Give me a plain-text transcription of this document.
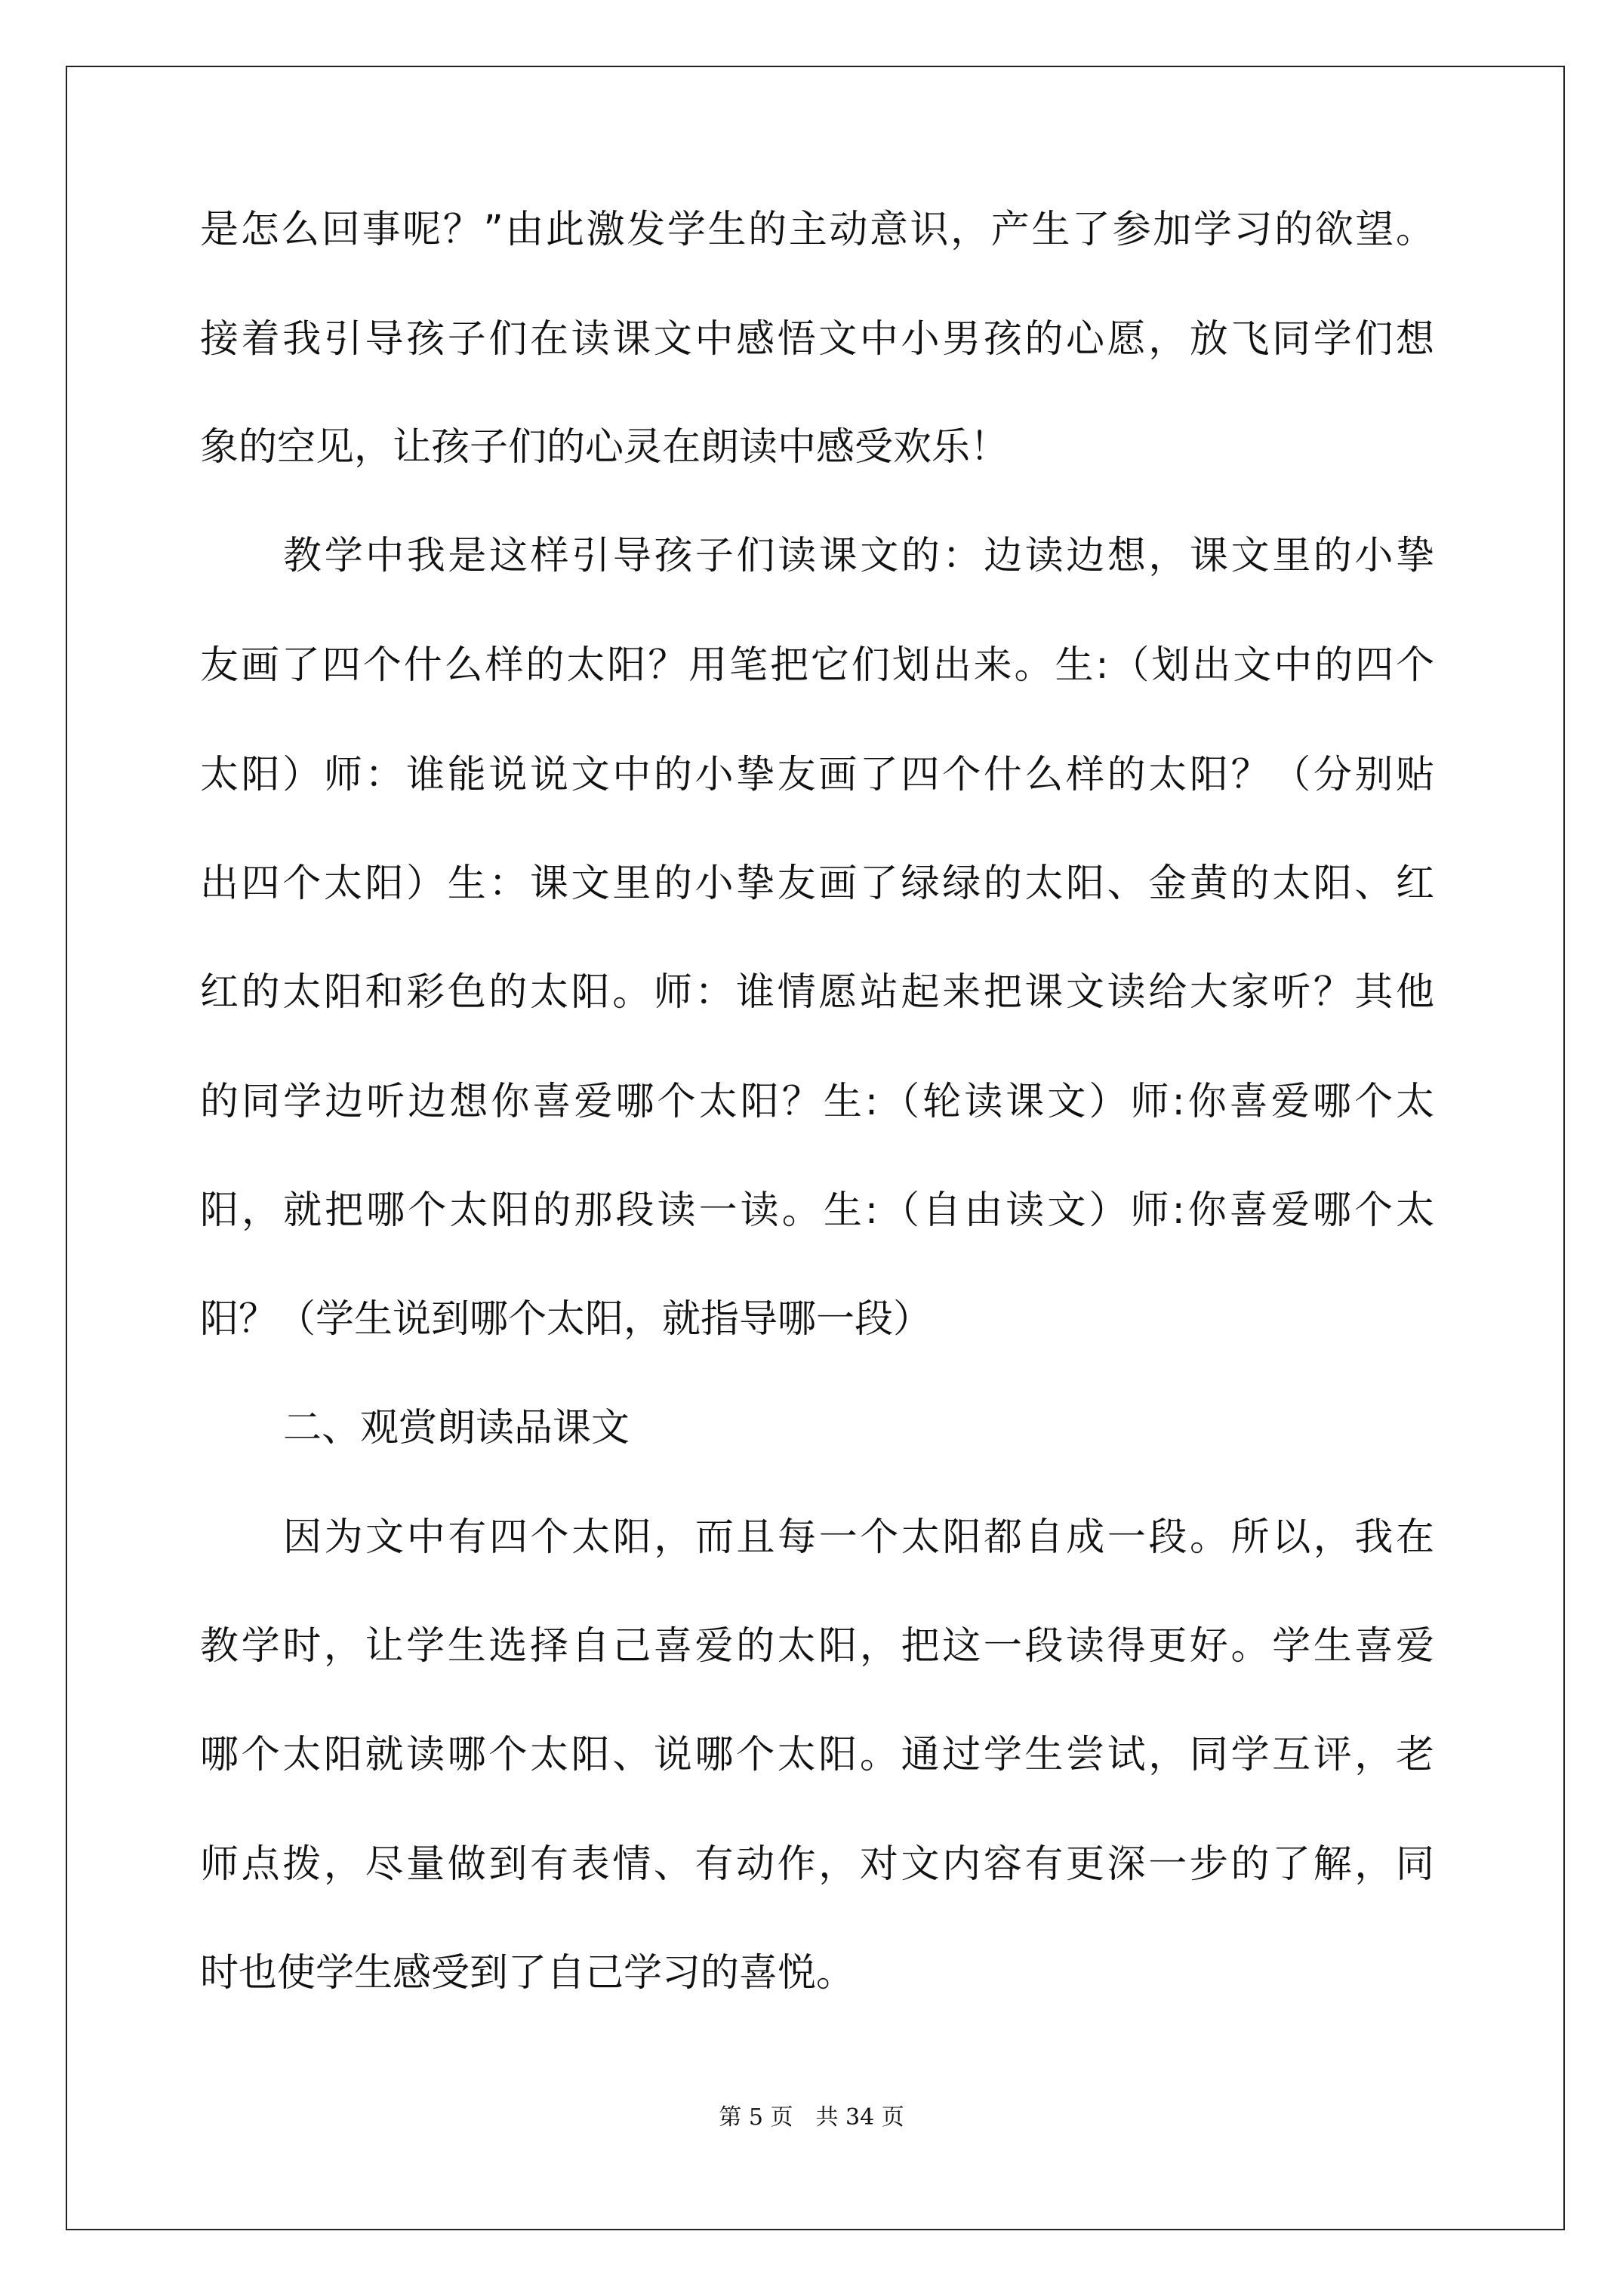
是怎么回事呢？”由此激发学生的主动意识，产生了参加学习的欲望。
接着我引导孩子们在读课文中感悟文中小男孩的心愿，放飞同学们想
象的空见，让孩子们的心灵在朗读中感受欢乐！
教学中我是这样引导孩子们读课文的：边读边想，课文里的小挚
友画了四个什么样的太阳？用笔把它们划出来。生:（划出文中的四个
太阳）师：谁能说说文中的小挚友画了四个什么样的太阳？（分别贴
出四个太阳）生：课文里的小挚友画了绿绿的太阳、金黄的太阳、红
红的太阳和彩色的太阳。师：谁情愿站起来把课文读给大家听？其他
的同学边听边想你喜爱哪个太阳？生:（轮读课文）师:你喜爱哪个太
阳，就把哪个太阳的那段读一读。生:（自由读文）师:你喜爱哪个太
阳？（学生说到哪个太阳，就指导哪一段）
二、观赏朗读品课文
因为文中有四个太阳，而且每一个太阳都自成一段。所以，我在
教学时，让学生选择自己喜爱的太阳，把这一段读得更好。学生喜爱
哪个太阳就读哪个太阳、说哪个太阳。通过学生尝试，同学互评，老
师点拨，尽量做到有表情、有动作，对文内容有更深一步的了解，同
时也使学生感受到了自己学习的喜悦。
第 5 页　共 34 页
